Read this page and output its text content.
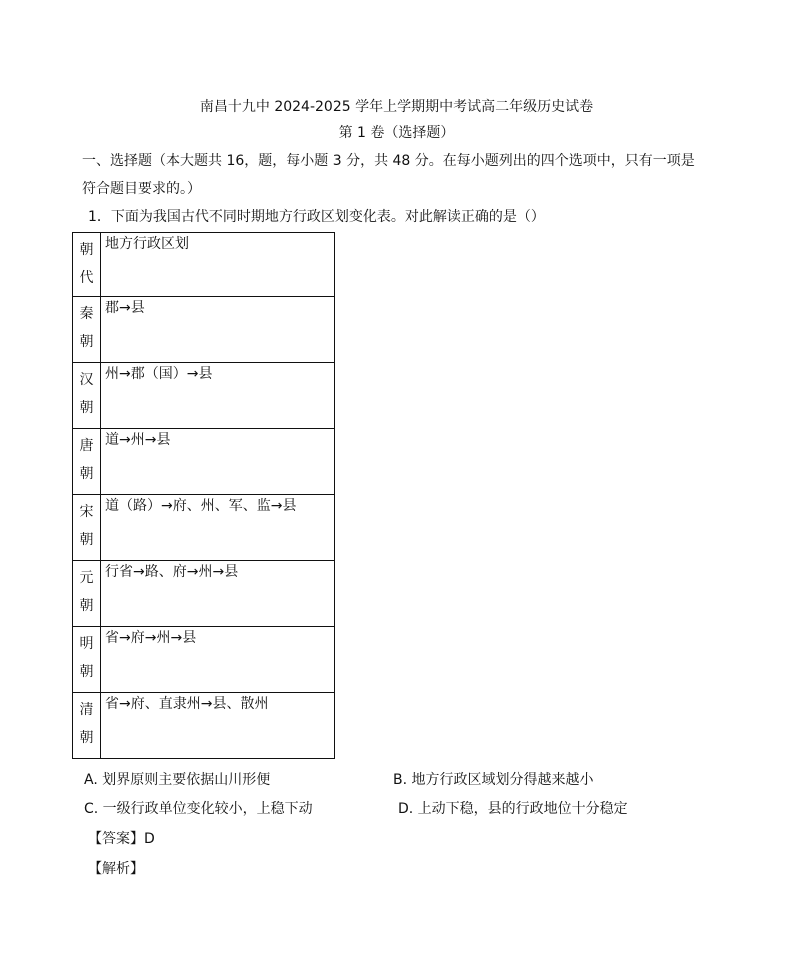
南昌十九中 2024-2025 学年上学期期中考试高二年级历史试卷
第 1 卷（选择题）
一、选择题（本大题共 16，题，每小题 3 分，共 48 分。在每小题列出的四个选项中，只有一项是
符合题目要求的。）
1．下面为我国古代不同时期地方行政区划变化表。对此解读正确的是（）
朝
代	地方行政区划

秦
朝	郡→县

汉
朝	州→郡（国）→县

唐
朝	道→州→县

宋
朝	道（路）→府、州、军、监→县

元
朝	行省→路、府→州→县

明
朝	省→府→州→县

清
朝	省→府、直隶州→县、散州
A. 划界原则主要依据山川形便	B. 地方行政区域划分得越来越小
C. 一级行政单位变化较小，上稳下动	D. 上动下稳，县的行政地位十分稳定
【答案】D
【解析】
